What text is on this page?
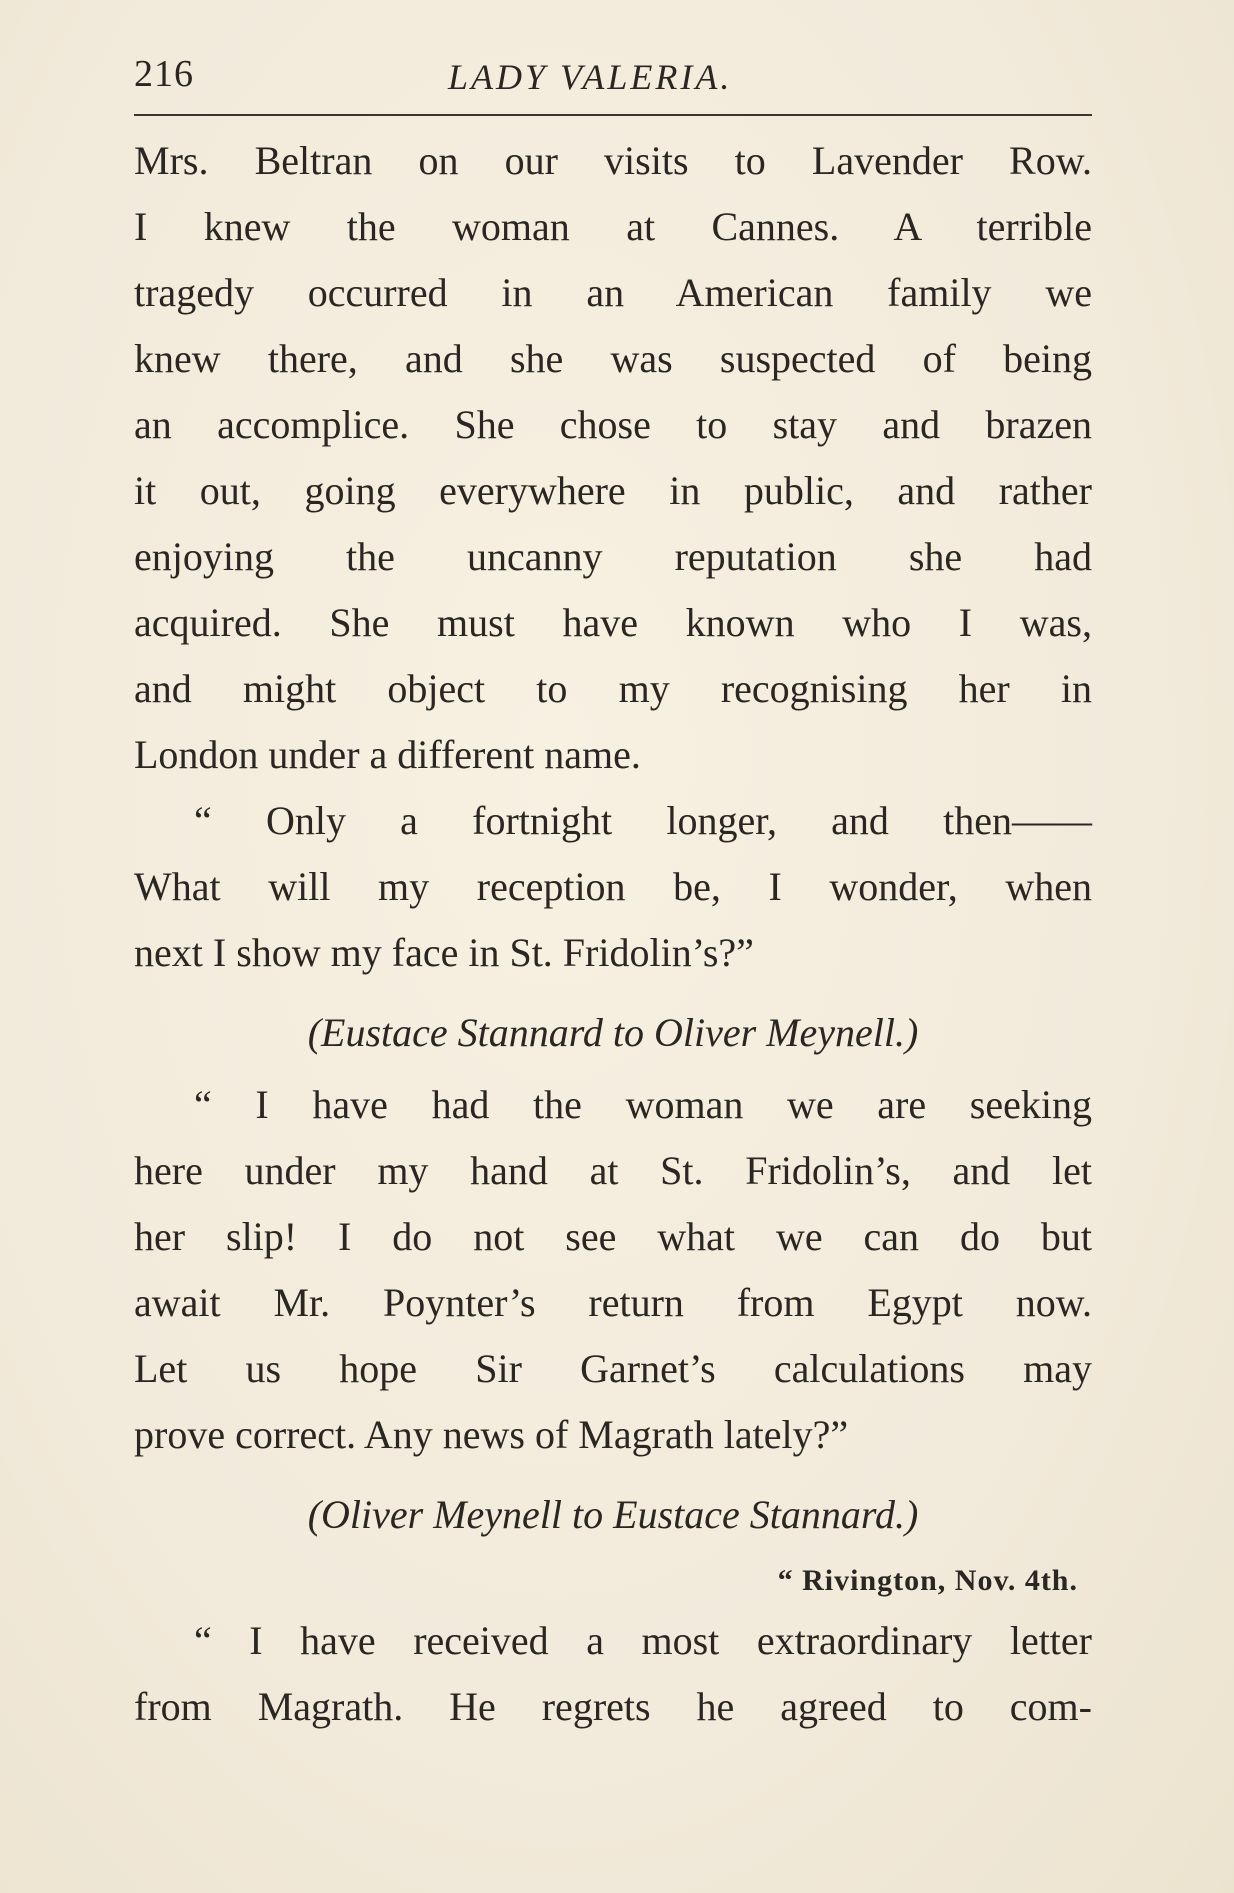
216	LADY VALERIA.
Mrs. Beltran on our visits to Lavender Row.
I knew the woman at Cannes. A terrible
tragedy occurred in an American family we
knew there, and she was suspected of being
an accomplice. She chose to stay and brazen
it out, going everywhere in public, and rather
enjoying the uncanny reputation she had
acquired. She must have known who I was,
and might object to my recognising her in
London under a different name.
“ Only a fortnight longer, and then——
What will my reception be, I wonder, when
next I show my face in St. Fridolin’s?”
(Eustace Stannard to Oliver Meynell.)
“ I have had the woman we are seeking
here under my hand at St. Fridolin’s, and let
her slip! I do not see what we can do but
await Mr. Poynter’s return from Egypt now.
Let us hope Sir Garnet’s calculations may
prove correct. Any news of Magrath lately?”
(Oliver Meynell to Eustace Stannard.)
“ Rivington, Nov. 4th.
“ I have received a most extraordinary letter
from Magrath. He regrets he agreed to com-
